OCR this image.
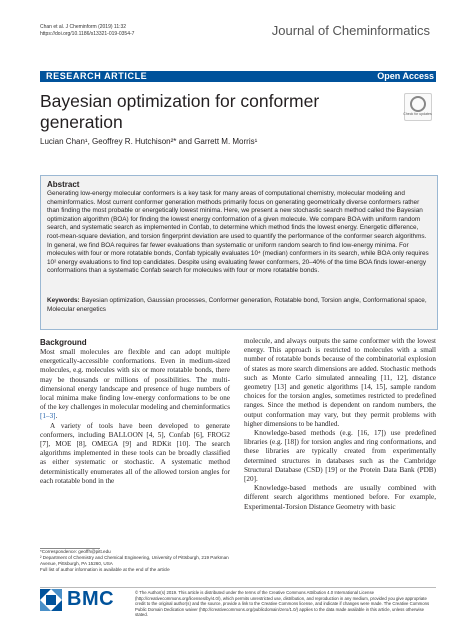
Chan et al. J Cheminform (2019) 11:32
https://doi.org/10.1186/s13321-019-0354-7	Journal of Cheminformatics
RESEARCH ARTICLE	Open Access
Bayesian optimization for conformer generation	Check for updates
Lucian Chan¹, Geoffrey R. Hutchison²* and Garrett M. Morris¹
Abstract
Generating low-energy molecular conformers is a key task for many areas of computational chemistry, molecular modeling and cheminformatics. Most current conformer generation methods primarily focus on generating geometrically diverse conformers rather than finding the most probable or energetically lowest minima. Here, we present a new stochastic search method called the Bayesian optimization algorithm (BOA) for finding the lowest energy conformation of a given molecule. We compare BOA with uniform random search, and systematic search as implemented in Confab, to determine which method finds the lowest energy. Energetic difference, root-mean-square deviation, and torsion fingerprint deviation are used to quantify the performance of the conformer search algorithms. In general, we find BOA requires far fewer evaluations than systematic or uniform random search to find low-energy minima. For molecules with four or more rotatable bonds, Confab typically evaluates 10⁴ (median) conformers in its search, while BOA only requires 10² energy evaluations to find top candidates. Despite using evaluating fewer conformers, 20–40% of the time BOA finds lower-energy conformations than a systematic Confab search for molecules with four or more rotatable bonds.
Keywords: Bayesian optimization, Gaussian processes, Conformer generation, Rotatable bond, Torsion angle, Conformational space, Molecular energetics
Background

Most small molecules are flexible and can adopt multiple energetically-accessible conformations. Even in medium-sized molecules, e.g. molecules with six or more rotatable bonds, there may be thousands or millions of possibilities. The multi-dimensional energy landscape and presence of huge numbers of local minima make finding low-energy conformations to be one of the key challenges in molecular modeling and cheminformatics [1–3].

A variety of tools have been developed to generate conformers, including BALLOON [4, 5], Confab [6], FROG2 [7], MOE [8], OMEGA [9] and RDKit [10]. The search algorithms implemented in these tools can be broadly classified as either systematic or stochastic. A systematic method deterministically enumerates all of the allowed torsion angles for each rotatable bond in the

molecule, and always outputs the same conformer with the lowest energy. This approach is restricted to molecules with a small number of rotatable bonds because of the combinatorial explosion of states as more search dimensions are added. Stochastic methods such as Monte Carlo simulated annealing [11, 12], distance geometry [13] and genetic algorithms [14, 15], sample random choices for the torsion angles, sometimes restricted to predefined ranges. Since the method is dependent on random numbers, the output conformation may vary, but they permit problems with higher dimensions to be handled.

Knowledge-based methods (e.g. [16, 17]) use predefined libraries (e.g. [18]) for torsion angles and ring conformations, and these libraries are typically created from experimentally determined structures in databases such as the Cambridge Structural Database (CSD) [19] or the Protein Data Bank (PDB) [20].

Knowledge-based methods are usually combined with different search algorithms mentioned before. For example, Experimental-Torsion Distance Geometry with basic

*Correspondence: geoffh@pitt.edu
² Department of Chemistry and Chemical Engineering, University of Pittsburgh, 219 Parkman Avenue, Pittsburgh, PA 15260, USA
Full list of author information is available at the end of the article
BMC	© The Author(s) 2019. This article is distributed under the terms of the Creative Commons Attribution 4.0 International License (http://creativecommons.org/licenses/by/4.0/), which permits unrestricted use, distribution, and reproduction in any medium, provided you give appropriate credit to the original author(s) and the source, provide a link to the Creative Commons license, and indicate if changes were made. The Creative Commons Public Domain Dedication waiver (http://creativecommons.org/publicdomain/zero/1.0/) applies to the data made available in this article, unless otherwise stated.
